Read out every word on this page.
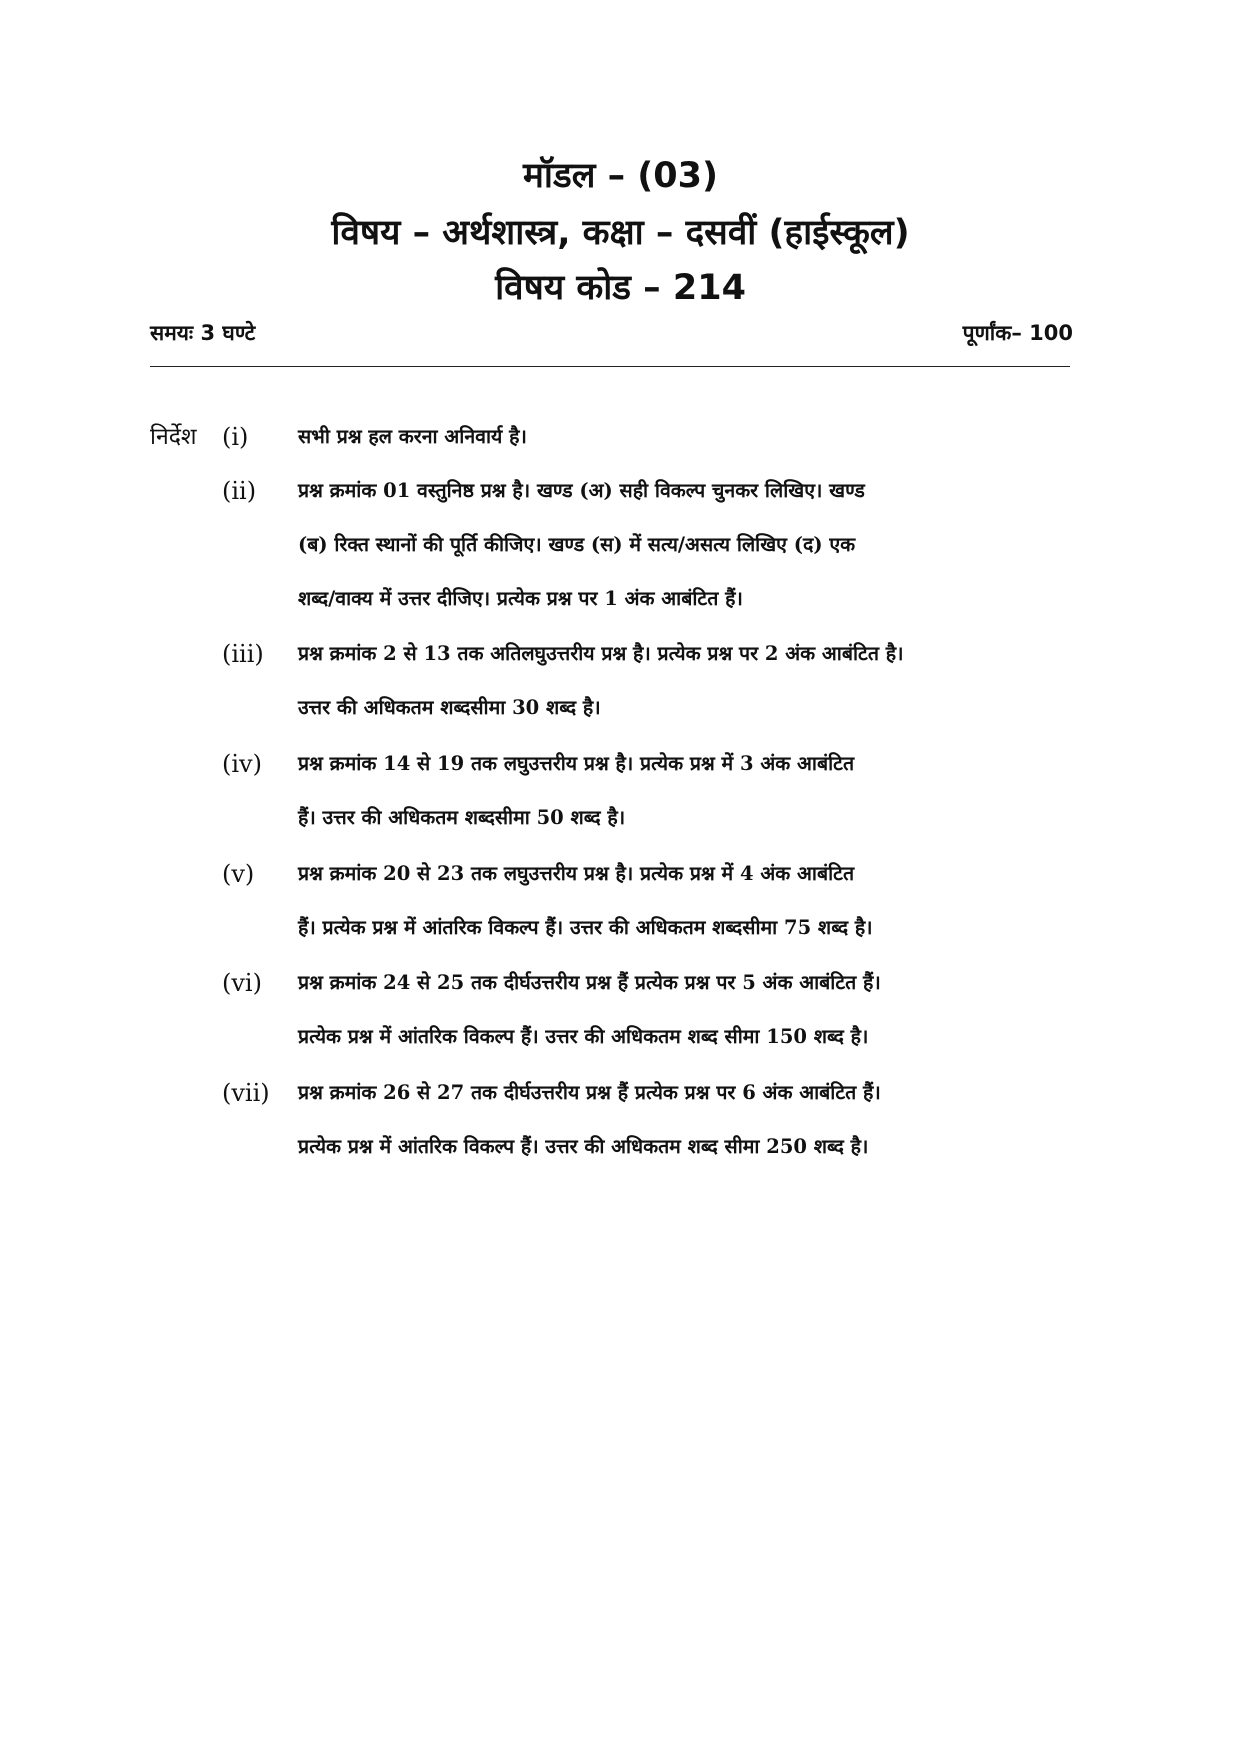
मॉडल – (03)
विषय – अर्थशास्त्र, कक्षा – दसवीं (हाईस्कूल)
विषय कोड – 214
समयः 3 घण्टे	पूर्णांक– 100
निर्देश (i)	सभी प्रश्न हल करना अनिवार्य है।
(ii) प्रश्न क्रमांक 01 वस्तुनिष्ठ प्रश्न है। खण्ड (अ) सही विकल्प चुनकर लिखिए। खण्ड
(ब) रिक्त स्थानों की पूर्ति कीजिए। खण्ड (स) में सत्य/असत्य लिखिए (द) एक
शब्द/वाक्य में उत्तर दीजिए। प्रत्येक प्रश्न पर 1 अंक आबंटित हैं।
(iii) प्रश्न क्रमांक 2 से 13 तक अतिलघुउत्तरीय प्रश्न है। प्रत्येक प्रश्न पर 2 अंक आबंटित है।
उत्तर की अधिकतम शब्दसीमा 30 शब्द है।
(iv) प्रश्न क्रमांक 14 से 19 तक लघुउत्तरीय प्रश्न है। प्रत्येक प्रश्न में 3 अंक आबंटित
हैं। उत्तर की अधिकतम शब्दसीमा 50 शब्द है।
(v) प्रश्न क्रमांक 20 से 23 तक लघुउत्तरीय प्रश्न है। प्रत्येक प्रश्न में 4 अंक आबंटित
हैं। प्रत्येक प्रश्न में आंतरिक विकल्प हैं। उत्तर की अधिकतम शब्दसीमा 75 शब्द है।
(vi) प्रश्न क्रमांक 24 से 25 तक दीर्घउत्तरीय प्रश्न हैं प्रत्येक प्रश्न पर 5 अंक आबंटित हैं।
प्रत्येक प्रश्न में आंतरिक विकल्प हैं। उत्तर की अधिकतम शब्द सीमा 150 शब्द है।
(vii) प्रश्न क्रमांक 26 से 27 तक दीर्घउत्तरीय प्रश्न हैं प्रत्येक प्रश्न पर 6 अंक आबंटित हैं।
प्रत्येक प्रश्न में आंतरिक विकल्प हैं। उत्तर की अधिकतम शब्द सीमा 250 शब्द है।
